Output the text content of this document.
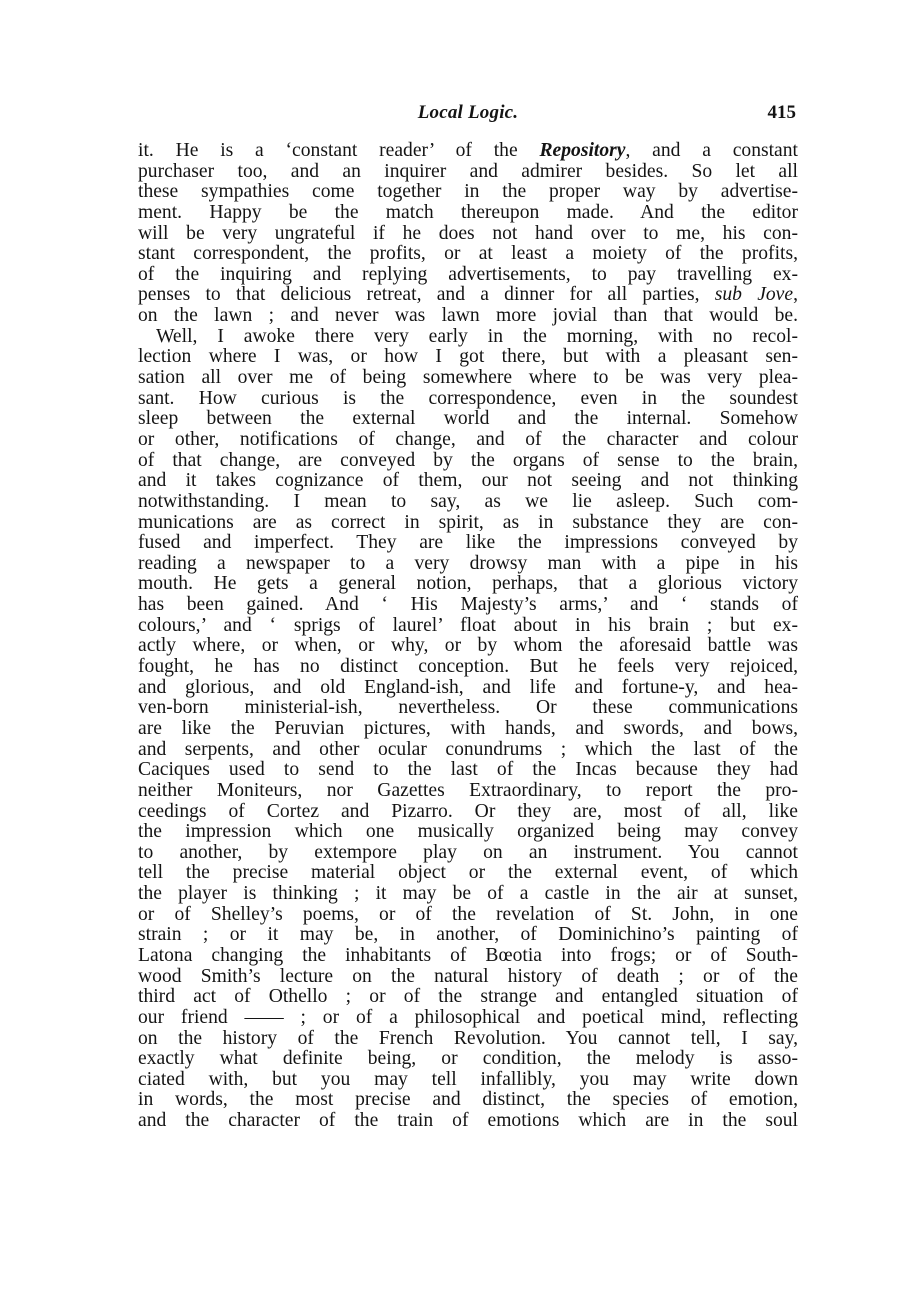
Local Logic.	415
it. He is a ‘constant reader’ of the Repository, and a constant
purchaser too, and an inquirer and admirer besides. So let all
these sympathies come together in the proper way by advertise-
ment. Happy be the match thereupon made. And the editor
will be very ungrateful if he does not hand over to me, his con-
stant correspondent, the profits, or at least a moiety of the profits,
of the inquiring and replying advertisements, to pay travelling ex-
penses to that delicious retreat, and a dinner for all parties, sub Jove,
on the lawn ; and never was lawn more jovial than that would be.
Well, I awoke there very early in the morning, with no recol-
lection where I was, or how I got there, but with a pleasant sen-
sation all over me of being somewhere where to be was very plea-
sant. How curious is the correspondence, even in the soundest
sleep between the external world and the internal. Somehow
or other, notifications of change, and of the character and colour
of that change, are conveyed by the organs of sense to the brain,
and it takes cognizance of them, our not seeing and not thinking
notwithstanding. I mean to say, as we lie asleep. Such com-
munications are as correct in spirit, as in substance they are con-
fused and imperfect. They are like the impressions conveyed by
reading a newspaper to a very drowsy man with a pipe in his
mouth. He gets a general notion, perhaps, that a glorious victory
has been gained. And ‘ His Majesty’s arms,’ and ‘ stands of
colours,’ and ‘ sprigs of laurel’ float about in his brain ; but ex-
actly where, or when, or why, or by whom the aforesaid battle was
fought, he has no distinct conception. But he feels very rejoiced,
and glorious, and old England-ish, and life and fortune-y, and hea-
ven-born ministerial-ish, nevertheless. Or these communications
are like the Peruvian pictures, with hands, and swords, and bows,
and serpents, and other ocular conundrums ; which the last of the
Caciques used to send to the last of the Incas because they had
neither Moniteurs, nor Gazettes Extraordinary, to report the pro-
ceedings of Cortez and Pizarro. Or they are, most of all, like
the impression which one musically organized being may convey
to another, by extempore play on an instrument. You cannot
tell the precise material object or the external event, of which
the player is thinking ; it may be of a castle in the air at sunset,
or of Shelley’s poems, or of the revelation of St. John, in one
strain ; or it may be, in another, of Dominichino’s painting of
Latona changing the inhabitants of Bœotia into frogs; or of South-
wood Smith’s lecture on the natural history of death ; or of the
third act of Othello ; or of the strange and entangled situation of
our friend —— ; or of a philosophical and poetical mind, reflecting
on the history of the French Revolution. You cannot tell, I say,
exactly what definite being, or condition, the melody is asso-
ciated with, but you may tell infallibly, you may write down
in words, the most precise and distinct, the species of emotion,
and the character of the train of emotions which are in the soul
